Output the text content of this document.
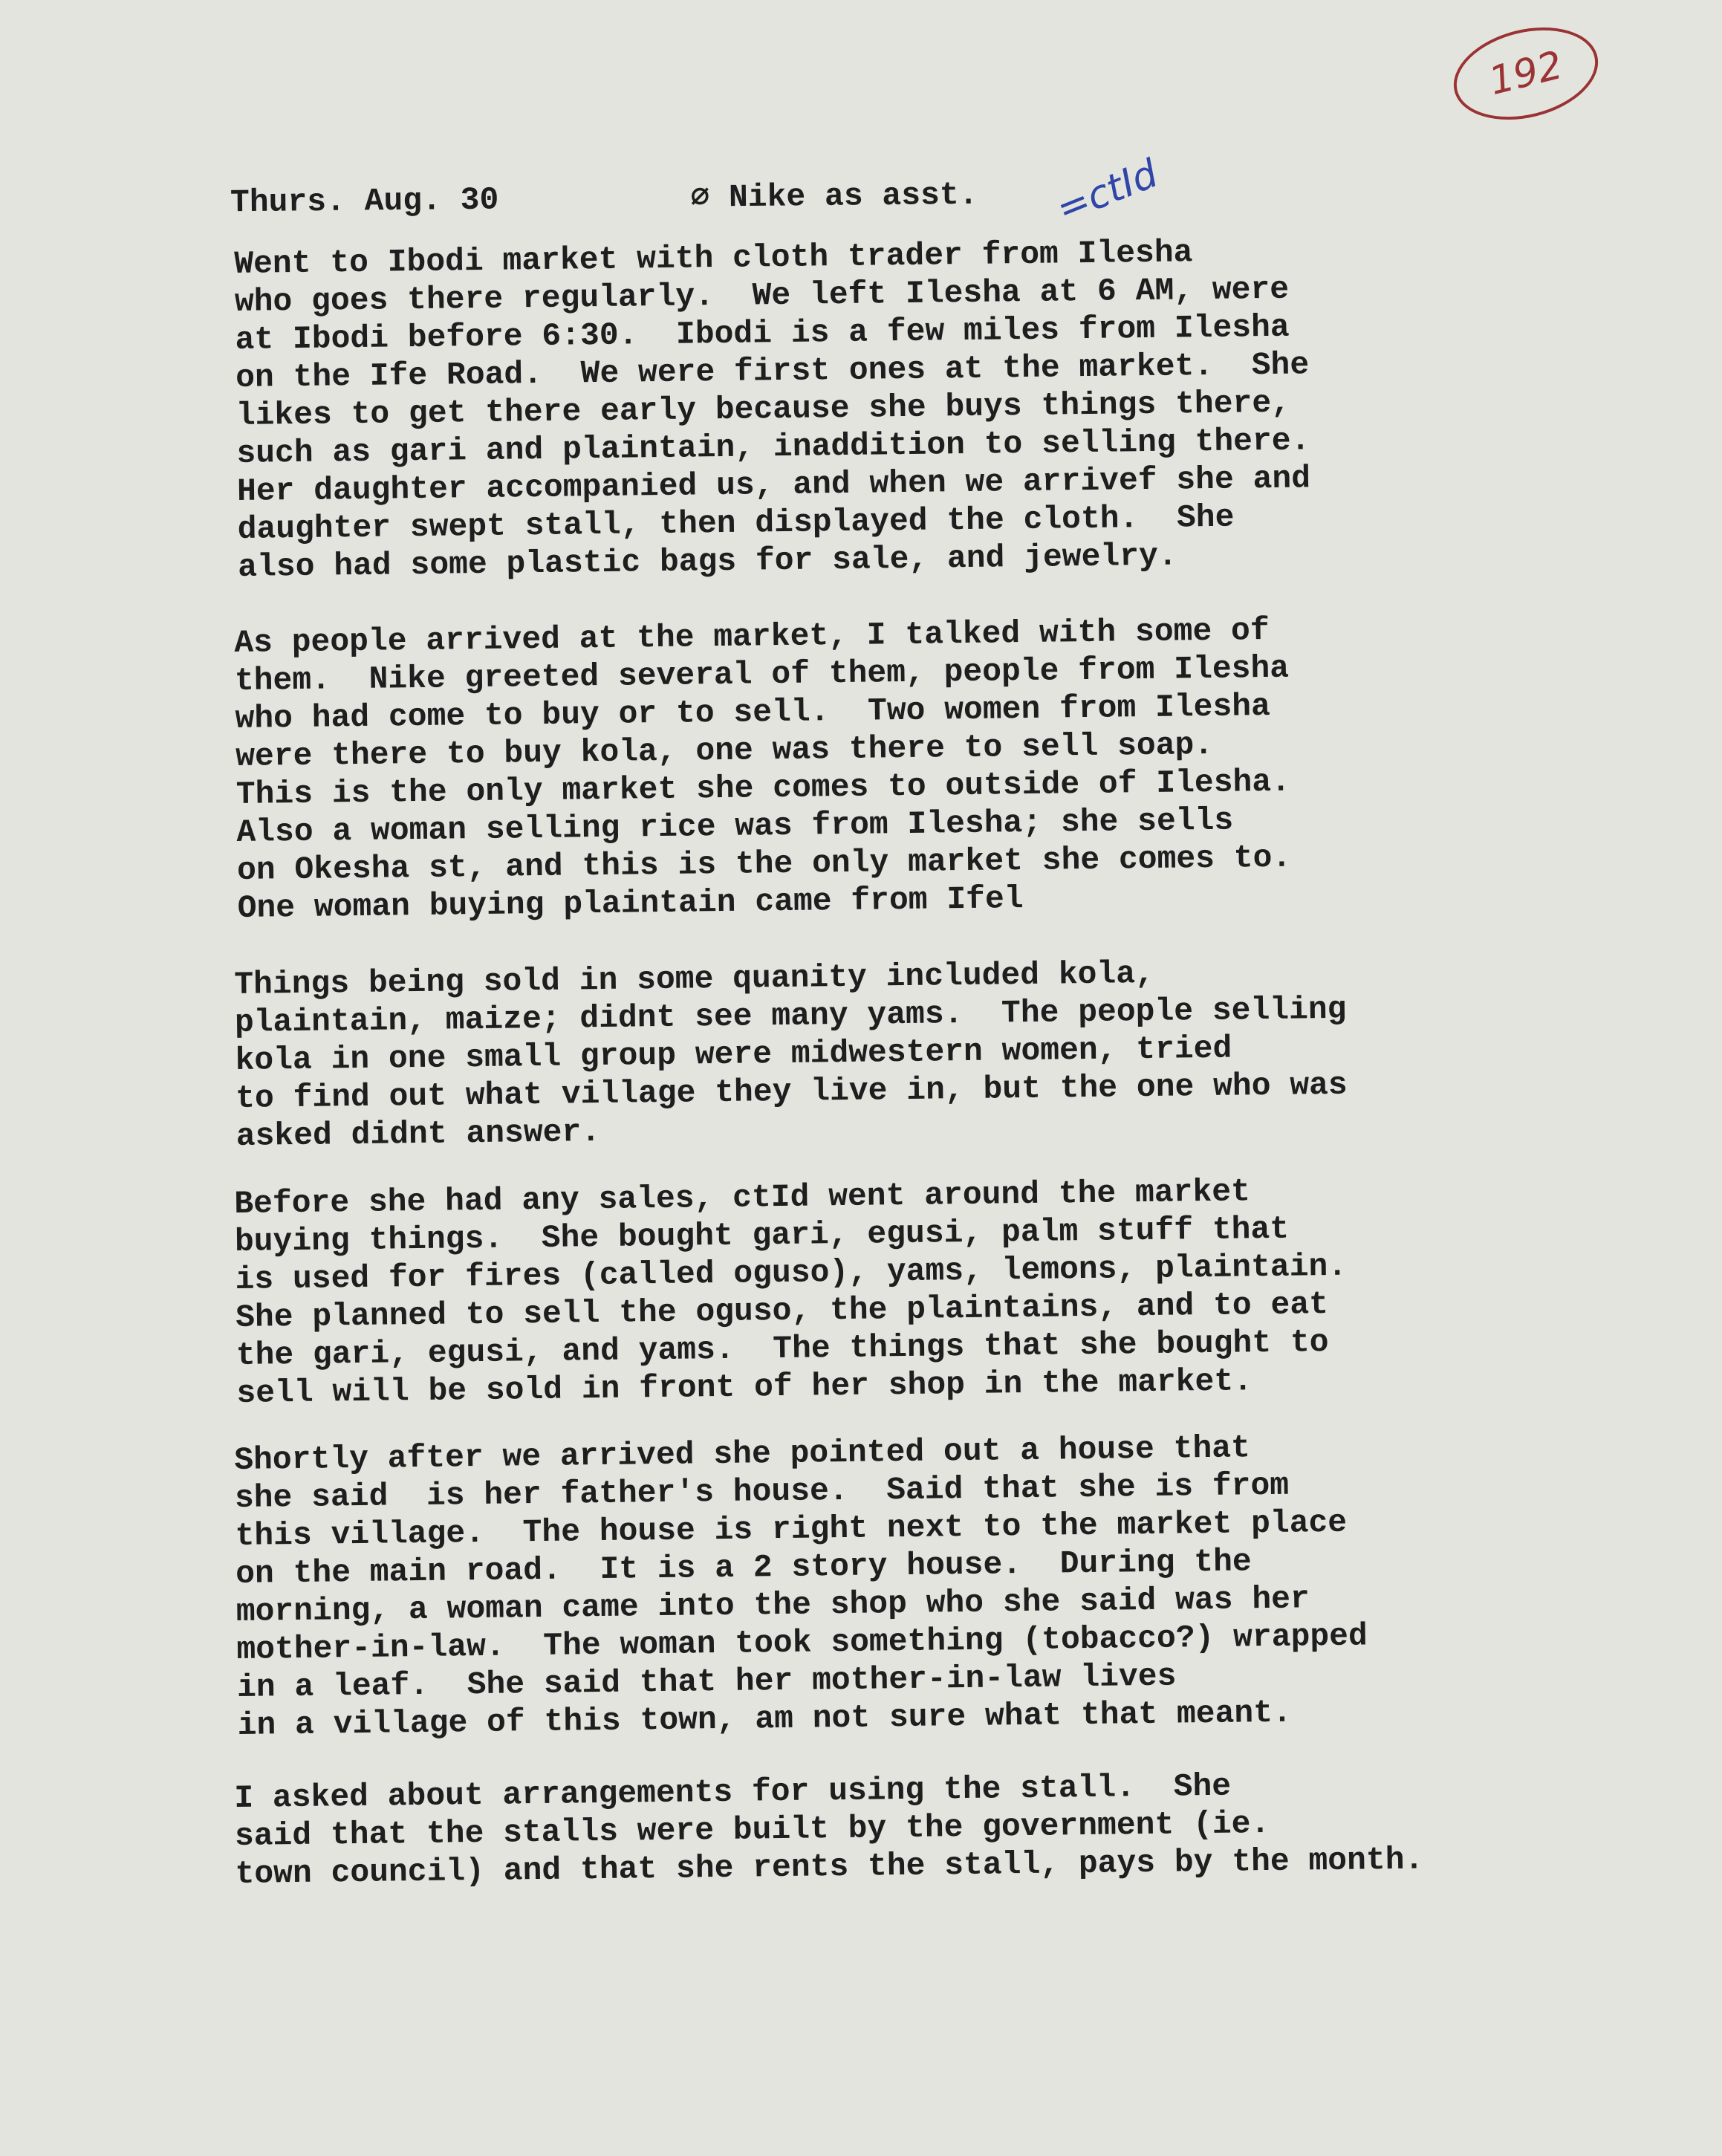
192
=ctId
Thurs. Aug. 30	∅ Nike as asst.
Went to Ibodi market with cloth trader from Ilesha
who goes there regularly.  We left Ilesha at 6 AM, were
at Ibodi before 6:30.  Ibodi is a few miles from Ilesha
on the Ife Road.  We were first ones at the market.  She
likes to get there early because she buys things there,
such as gari and plaintain, inaddition to selling there.
Her daughter accompanied us, and when we arrivef she and
daughter swept stall, then displayed the cloth.  She
also had some plastic bags for sale, and jewelry.
As people arrived at the market, I talked with some of
them.  Nike greeted several of them, people from Ilesha
who had come to buy or to sell.  Two women from Ilesha
were there to buy kola, one was there to sell soap.
This is the only market she comes to outside of Ilesha.
Also a woman selling rice was from Ilesha; she sells
on Okesha st, and this is the only market she comes to.
One woman buying plaintain came from Ifel
Things being sold in some quanity included kola,
plaintain, maize; didnt see many yams.  The people selling
kola in one small group were midwestern women, tried
to find out what village they live in, but the one who was
asked didnt answer.
Before she had any sales, ctId went around the market
buying things.  She bought gari, egusi, palm stuff that
is used for fires (called oguso), yams, lemons, plaintain.
She planned to sell the oguso, the plaintains, and to eat
the gari, egusi, and yams.  The things that she bought to
sell will be sold in front of her shop in the market.
Shortly after we arrived she pointed out a house that
she said  is her father's house.  Said that she is from
this village.  The house is right next to the market place
on the main road.  It is a 2 story house.  During the
morning, a woman came into the shop who she said was her
mother-in-law.  The woman took something (tobacco?) wrapped
in a leaf.  She said that her mother-in-law lives
in a village of this town, am not sure what that meant.
I asked about arrangements for using the stall.  She
said that the stalls were built by the government (ie.
town council) and that she rents the stall, pays by the month.
